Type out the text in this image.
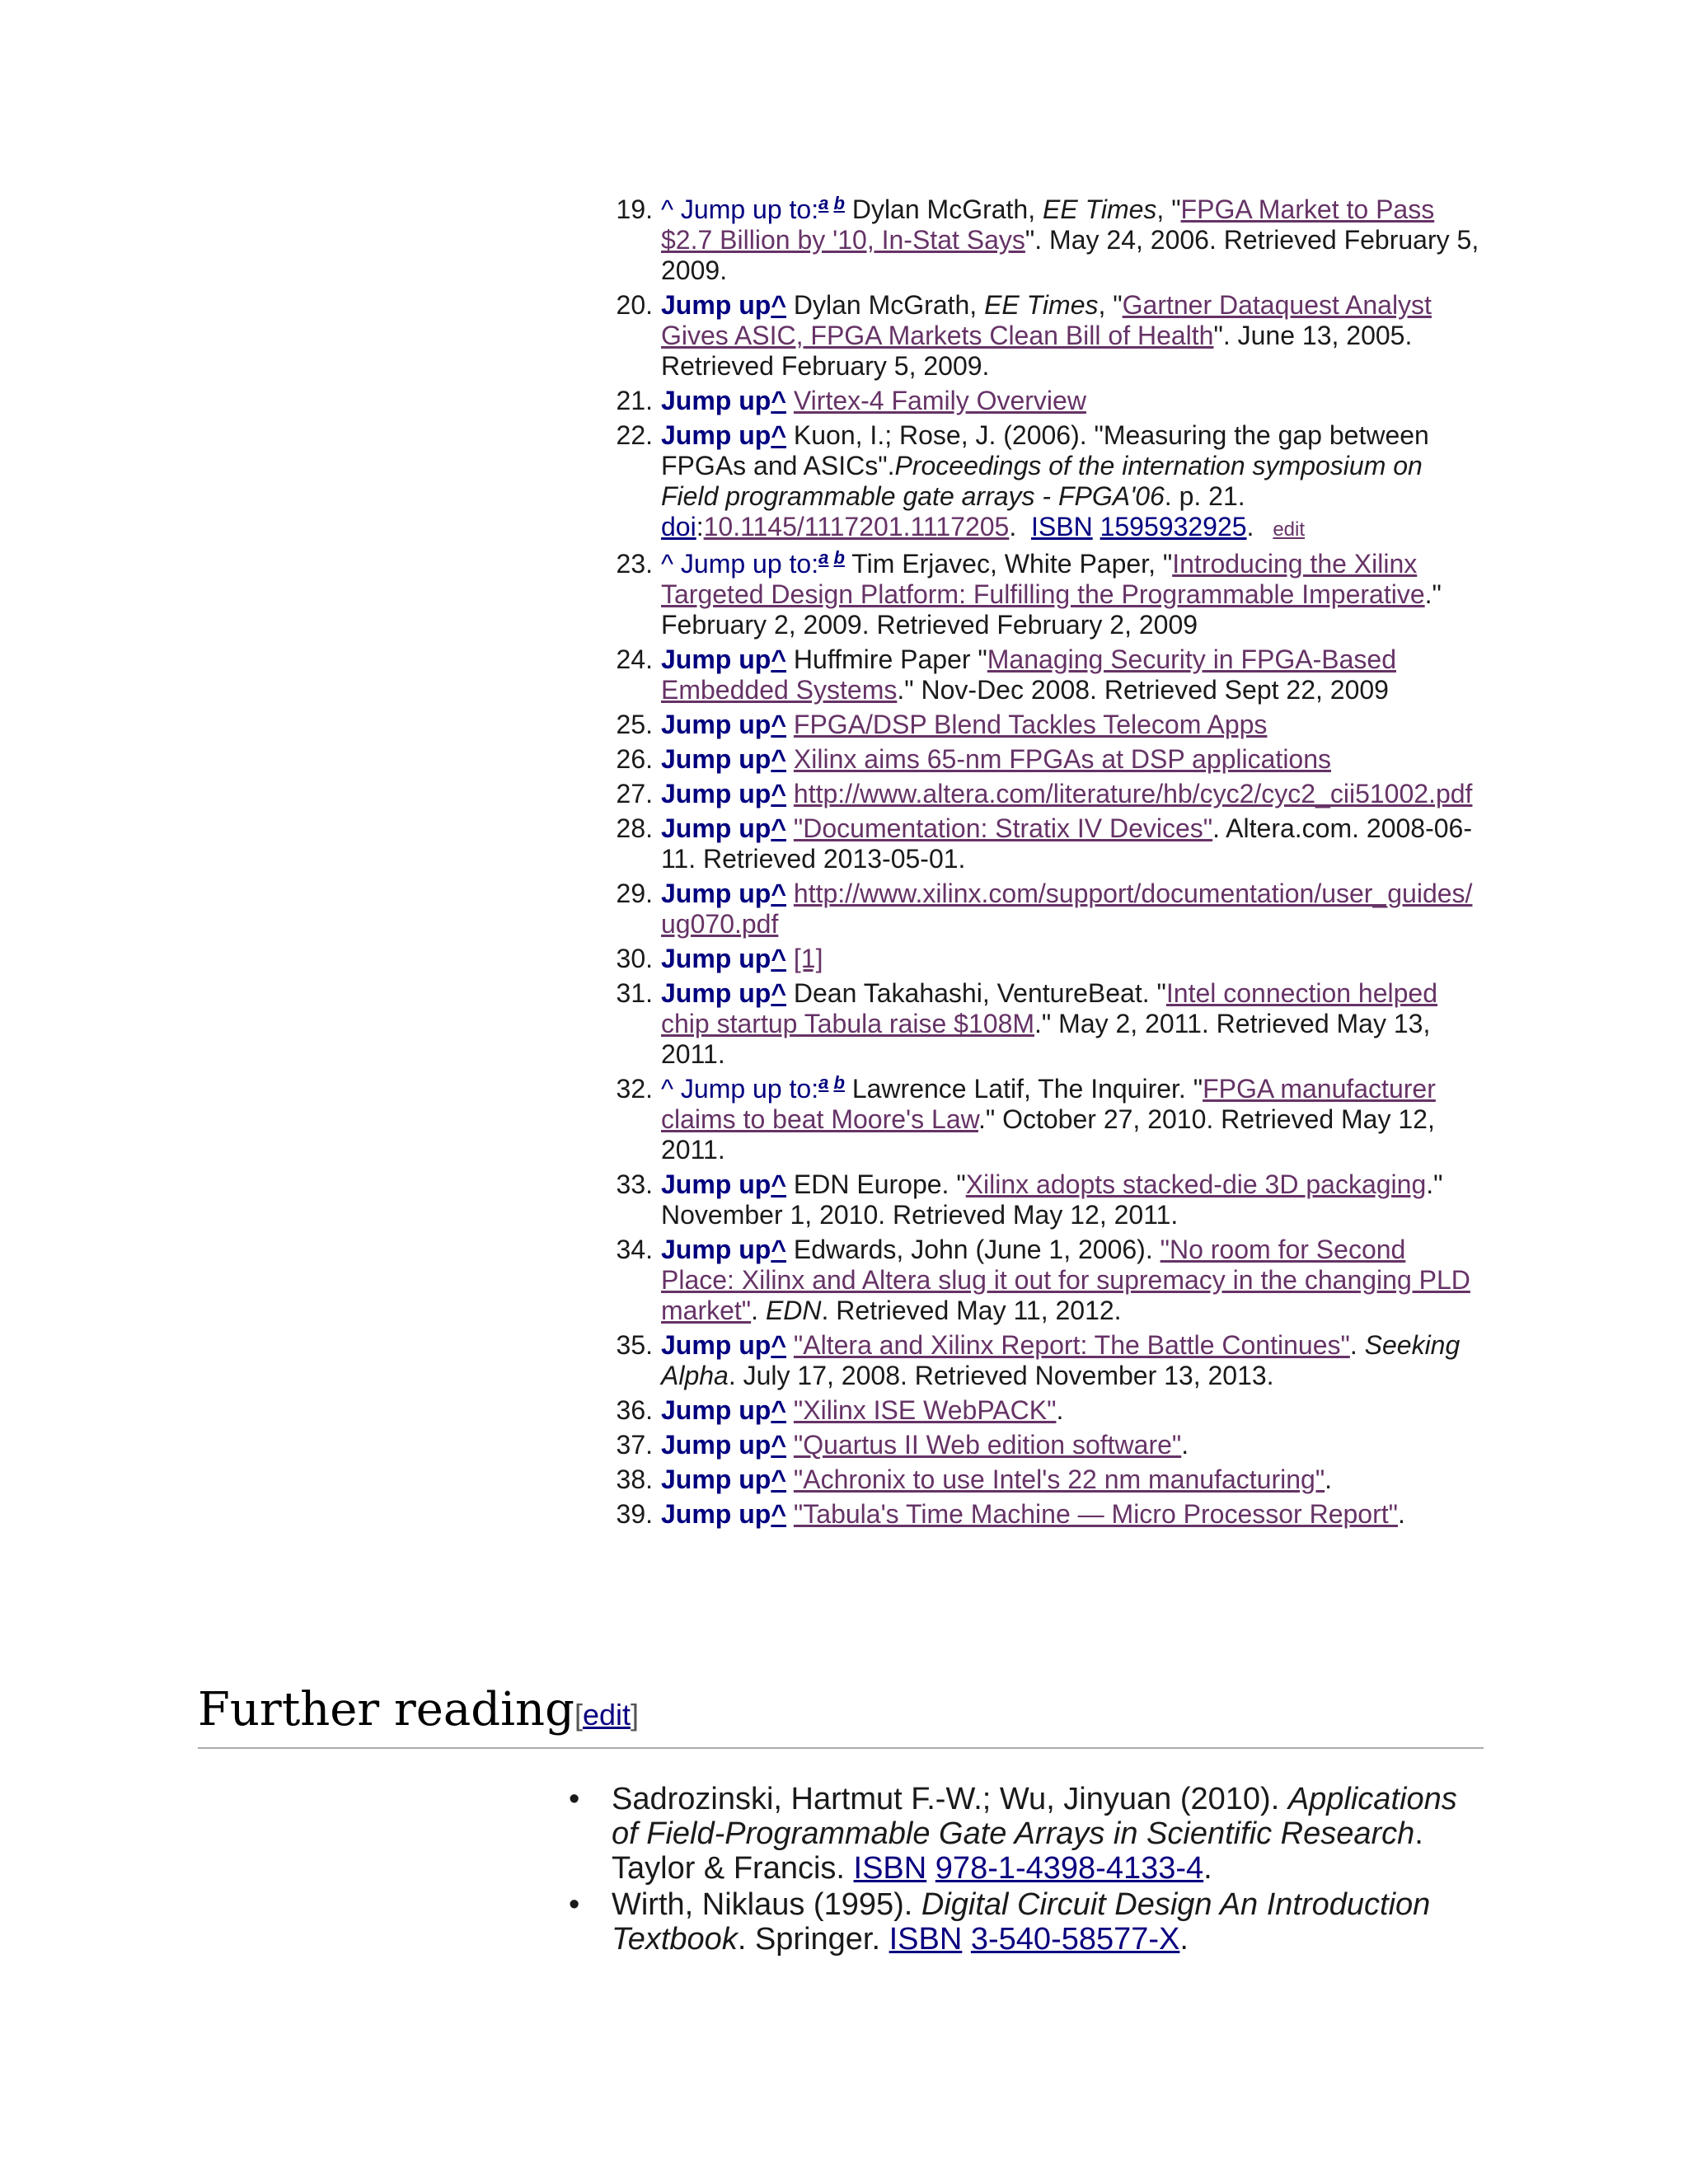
19. ^ Jump up to:$^{a b}$ Dylan McGrath, EE Times, "FPGA Market to Pass $2.7 Billion by '10, In-Stat Says". May 24, 2006. Retrieved February 5, 2009.
20. Jump up^ Dylan McGrath, EE Times, "Gartner Dataquest Analyst Gives ASIC, FPGA Markets Clean Bill of Health". June 13, 2005. Retrieved February 5, 2009.
21. Jump up^ Virtex-4 Family Overview
22. Jump up^ Kuon, I.; Rose, J. (2006). "Measuring the gap between FPGAs and ASICs".Proceedings of the internation symposium on Field programmable gate arrays - FPGA'06. p. 21. doi:10.1145/1117201.1117205.  ISBN 1595932925. edit
23. ^ Jump up to:$^{a b}$ Tim Erjavec, White Paper, "Introducing the Xilinx Targeted Design Platform: Fulfilling the Programmable Imperative." February 2, 2009. Retrieved February 2, 2009
24. Jump up^ Huffmire Paper "Managing Security in FPGA-Based Embedded Systems." Nov-Dec 2008. Retrieved Sept 22, 2009
25. Jump up^ FPGA/DSP Blend Tackles Telecom Apps
26. Jump up^ Xilinx aims 65-nm FPGAs at DSP applications
27. Jump up^ http://www.altera.com/literature/hb/cyc2/cyc2_cii51002.pdf
28. Jump up^ "Documentation: Stratix IV Devices". Altera.com. 2008-06-11. Retrieved 2013-05-01.
29. Jump up^ http://www.xilinx.com/support/documentation/user_guides/ug070.pdf
30. Jump up^ [1]
31. Jump up^ Dean Takahashi, VentureBeat. "Intel connection helped chip startup Tabula raise $108M." May 2, 2011. Retrieved May 13, 2011.
32. ^ Jump up to:$^{a b}$ Lawrence Latif, The Inquirer. "FPGA manufacturer claims to beat Moore's Law." October 27, 2010. Retrieved May 12, 2011.
33. Jump up^ EDN Europe. "Xilinx adopts stacked-die 3D packaging." November 1, 2010. Retrieved May 12, 2011.
34. Jump up^ Edwards, John (June 1, 2006). "No room for Second Place: Xilinx and Altera slug it out for supremacy in the changing PLD market". EDN. Retrieved May 11, 2012.
35. Jump up^ "Altera and Xilinx Report: The Battle Continues". Seeking Alpha. July 17, 2008. Retrieved November 13, 2013.
36. Jump up^ "Xilinx ISE WebPACK".
37. Jump up^ "Quartus II Web edition software".
38. Jump up^ "Achronix to use Intel's 22 nm manufacturing".
39. Jump up^ "Tabula's Time Machine — Micro Processor Report".
Further reading[edit]
• Sadrozinski, Hartmut F.-W.; Wu, Jinyuan (2010). Applications of Field-Programmable Gate Arrays in Scientific Research. Taylor & Francis. ISBN 978-1-4398-4133-4.
• Wirth, Niklaus (1995). Digital Circuit Design An Introduction Textbook. Springer. ISBN 3-540-58577-X.
